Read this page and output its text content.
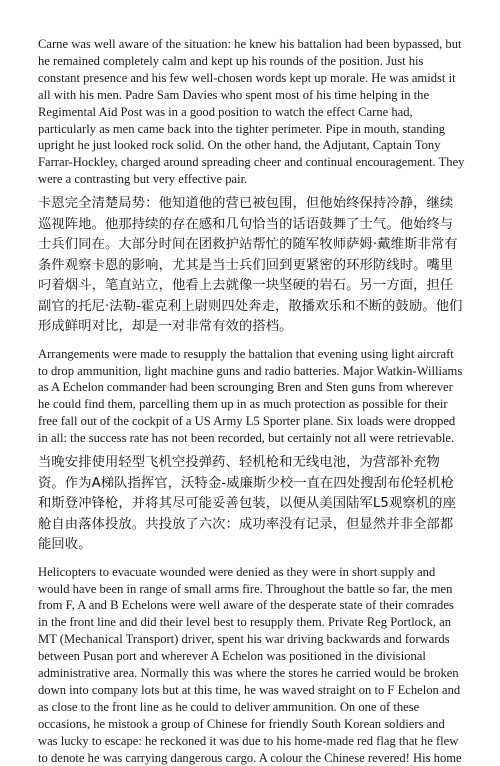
Carne was well aware of the situation: he knew his battalion had been bypassed, but he remained completely calm and kept up his rounds of the position. Just his constant presence and his few well-chosen words kept up morale. He was amidst it all with his men. Padre Sam Davies who spent most of his time helping in the Regimental Aid Post was in a good position to watch the effect Carne had, particularly as men came back into the tighter perimeter. Pipe in mouth, standing upright he just looked rock solid. On the other hand, the Adjutant, Captain Tony Farrar-Hockley, charged around spreading cheer and continual encouragement. They were a contrasting but very effective pair.

卡恩完全清楚局势：他知道他的营已被包围，但他始终保持冷静，继续巡视阵地。他那持续的存在感和几句恰当的话语鼓舞了士气。他始终与士兵们同在。大部分时间在团救护站帮忙的随军牧师萨姆·戴维斯非常有条件观察卡恩的影响，尤其是当士兵们回到更紧密的环形防线时。嘴里叼着烟斗，笔直站立，他看上去就像一块坚硬的岩石。另一方面，担任副官的托尼·法勒-霍克利上尉则四处奔走，散播欢乐和不断的鼓励。他们形成鲜明对比，却是一对非常有效的搭档。

Arrangements were made to resupply the battalion that evening using light aircraft to drop ammunition, light machine guns and radio batteries. Major Watkin-Williams as A Echelon commander had been scrounging Bren and Sten guns from wherever he could find them, parcelling them up in as much protection as possible for their free fall out of the cockpit of a US Army L5 Sporter plane. Six loads were dropped in all: the success rate has not been recorded, but certainly not all were retrievable.

当晚安排使用轻型飞机空投弹药、轻机枪和无线电池，为营部补充物资。作为A梯队指挥官，沃特金-威廉斯少校一直在四处搜刮布伦轻机枪和斯登冲锋枪，并将其尽可能妥善包装，以便从美国陆军L5观察机的座舱自由落体投放。共投放了六次：成功率没有记录，但显然并非全部都能回收。

Helicopters to evacuate wounded were denied as they were in short supply and would have been in range of small arms fire. Throughout the battle so far, the men from F, A and B Echelons were well aware of the desperate state of their comrades in the front line and did their level best to resupply them. Private Reg Portlock, an MT (Mechanical Transport) driver, spent his war driving backwards and forwards between Pusan port and wherever A Echelon was positioned in the divisional administrative area. Normally this was where the stores he carried would be broken down into company lots but at this time, he was waved straight on to F Echelon and as close to the front line as he could to deliver ammunition. On one of these occasions, he mistook a group of Chinese for friendly South Korean soldiers and was lucky to escape: he reckoned it was due to his home-made red flag that he flew to denote he was carrying dangerous cargo. A colour the Chinese revered! His home
